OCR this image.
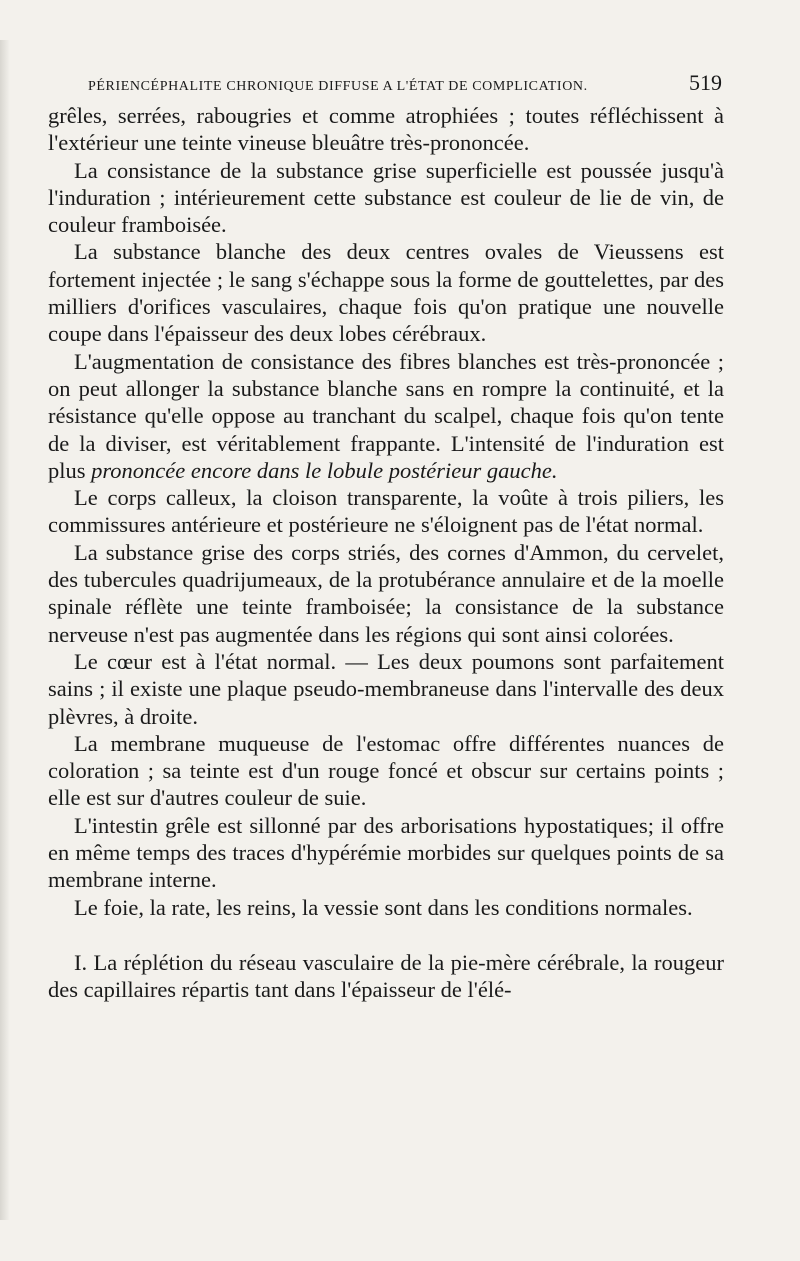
PÉRIENCÉPHALITE CHRONIQUE DIFFUSE A L'ÉTAT DE COMPLICATION.	519

grêles, serrées, rabougries et comme atrophiées ; toutes réfléchissent à l'extérieur une teinte vineuse bleuâtre très-prononcée.

La consistance de la substance grise superficielle est poussée jusqu'à l'induration ; intérieurement cette substance est couleur de lie de vin, de couleur framboisée.

La substance blanche des deux centres ovales de Vieussens est fortement injectée ; le sang s'échappe sous la forme de gouttelettes, par des milliers d'orifices vasculaires, chaque fois qu'on pratique une nouvelle coupe dans l'épaisseur des deux lobes cérébraux.

L'augmentation de consistance des fibres blanches est très-prononcée ; on peut allonger la substance blanche sans en rompre la continuité, et la résistance qu'elle oppose au tranchant du scalpel, chaque fois qu'on tente de la diviser, est véritablement frappante. L'intensité de l'induration est plus prononcée encore dans le lobule postérieur gauche.

Le corps calleux, la cloison transparente, la voûte à trois piliers, les commissures antérieure et postérieure ne s'éloignent pas de l'état normal.

La substance grise des corps striés, des cornes d'Ammon, du cervelet, des tubercules quadrijumeaux, de la protubérance annulaire et de la moelle spinale réflète une teinte framboisée; la consistance de la substance nerveuse n'est pas augmentée dans les régions qui sont ainsi colorées.

Le cœur est à l'état normal. — Les deux poumons sont parfaitement sains ; il existe une plaque pseudo-membraneuse dans l'intervalle des deux plèvres, à droite.

La membrane muqueuse de l'estomac offre différentes nuances de coloration ; sa teinte est d'un rouge foncé et obscur sur certains points ; elle est sur d'autres couleur de suie.

L'intestin grêle est sillonné par des arborisations hypostatiques; il offre en même temps des traces d'hypérémie morbides sur quelques points de sa membrane interne.

Le foie, la rate, les reins, la vessie sont dans les conditions normales.

I. La réplétion du réseau vasculaire de la pie-mère cérébrale, la rougeur des capillaires répartis tant dans l'épaisseur de l'élé-
